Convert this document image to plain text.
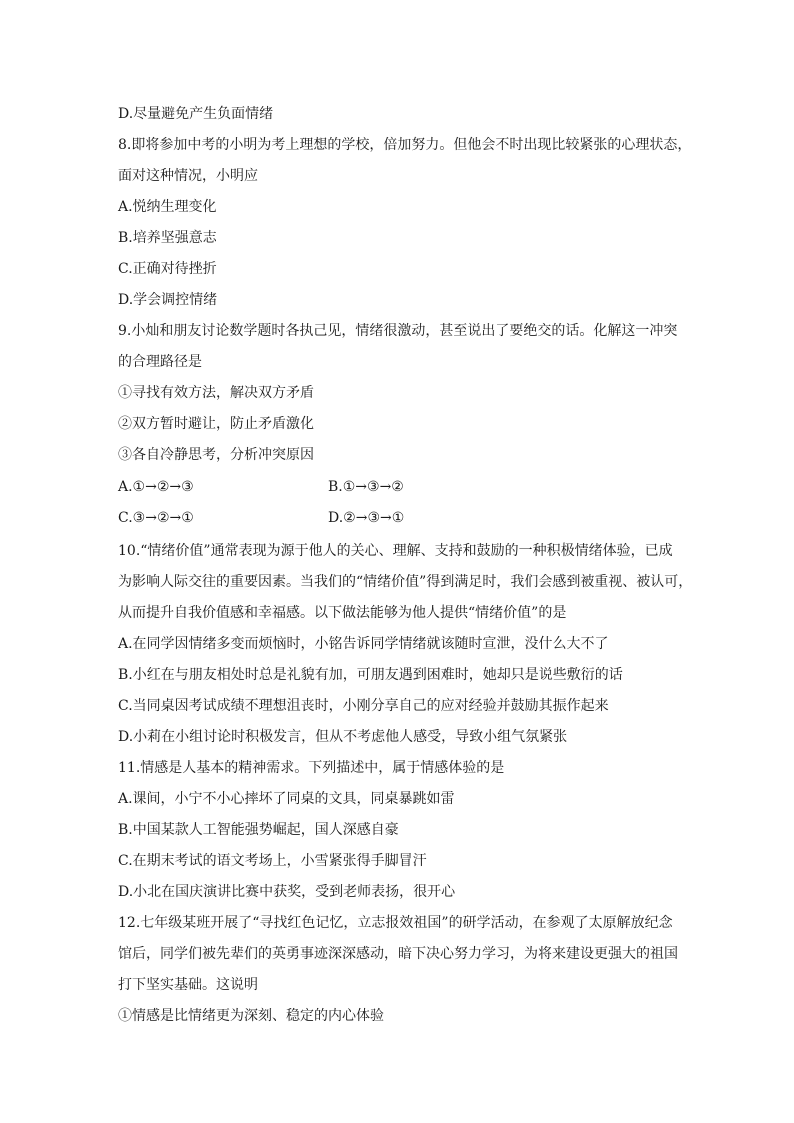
D.尽量避免产生负面情绪
8.即将参加中考的小明为考上理想的学校，倍加努力。但他会不时出现比较紧张的心理状态，
面对这种情况，小明应
A.悦纳生理变化
B.培养坚强意志
C.正确对待挫折
D.学会调控情绪
9.小灿和朋友讨论数学题时各执己见，情绪很激动，甚至说出了要绝交的话。化解这一冲突
的合理路径是
①寻找有效方法，解决双方矛盾
②双方暂时避让，防止矛盾激化
③各自冷静思考，分析冲突原因
A.①→②→③	B.①→③→②
C.③→②→①	D.②→③→①
10.“情绪价值”通常表现为源于他人的关心、理解、支持和鼓励的一种积极情绪体验，已成
为影响人际交往的重要因素。当我们的“情绪价值”得到满足时，我们会感到被重视、被认可，
从而提升自我价值感和幸福感。以下做法能够为他人提供“情绪价值”的是
A.在同学因情绪多变而烦恼时，小铭告诉同学情绪就该随时宣泄，没什么大不了
B.小红在与朋友相处时总是礼貌有加，可朋友遇到困难时，她却只是说些敷衍的话
C.当同桌因考试成绩不理想沮丧时，小刚分享自己的应对经验并鼓励其振作起来
D.小莉在小组讨论时积极发言，但从不考虑他人感受，导致小组气氛紧张
11.情感是人基本的精神需求。下列描述中，属于情感体验的是
A.课间，小宁不小心摔坏了同桌的文具，同桌暴跳如雷
B.中国某款人工智能强势崛起，国人深感自豪
C.在期末考试的语文考场上，小雪紧张得手脚冒汗
D.小北在国庆演讲比赛中获奖，受到老师表扬，很开心
12.七年级某班开展了“寻找红色记忆，立志报效祖国”的研学活动，在参观了太原解放纪念
馆后，同学们被先辈们的英勇事迹深深感动，暗下决心努力学习，为将来建设更强大的祖国
打下坚实基础。这说明
①情感是比情绪更为深刻、稳定的内心体验
